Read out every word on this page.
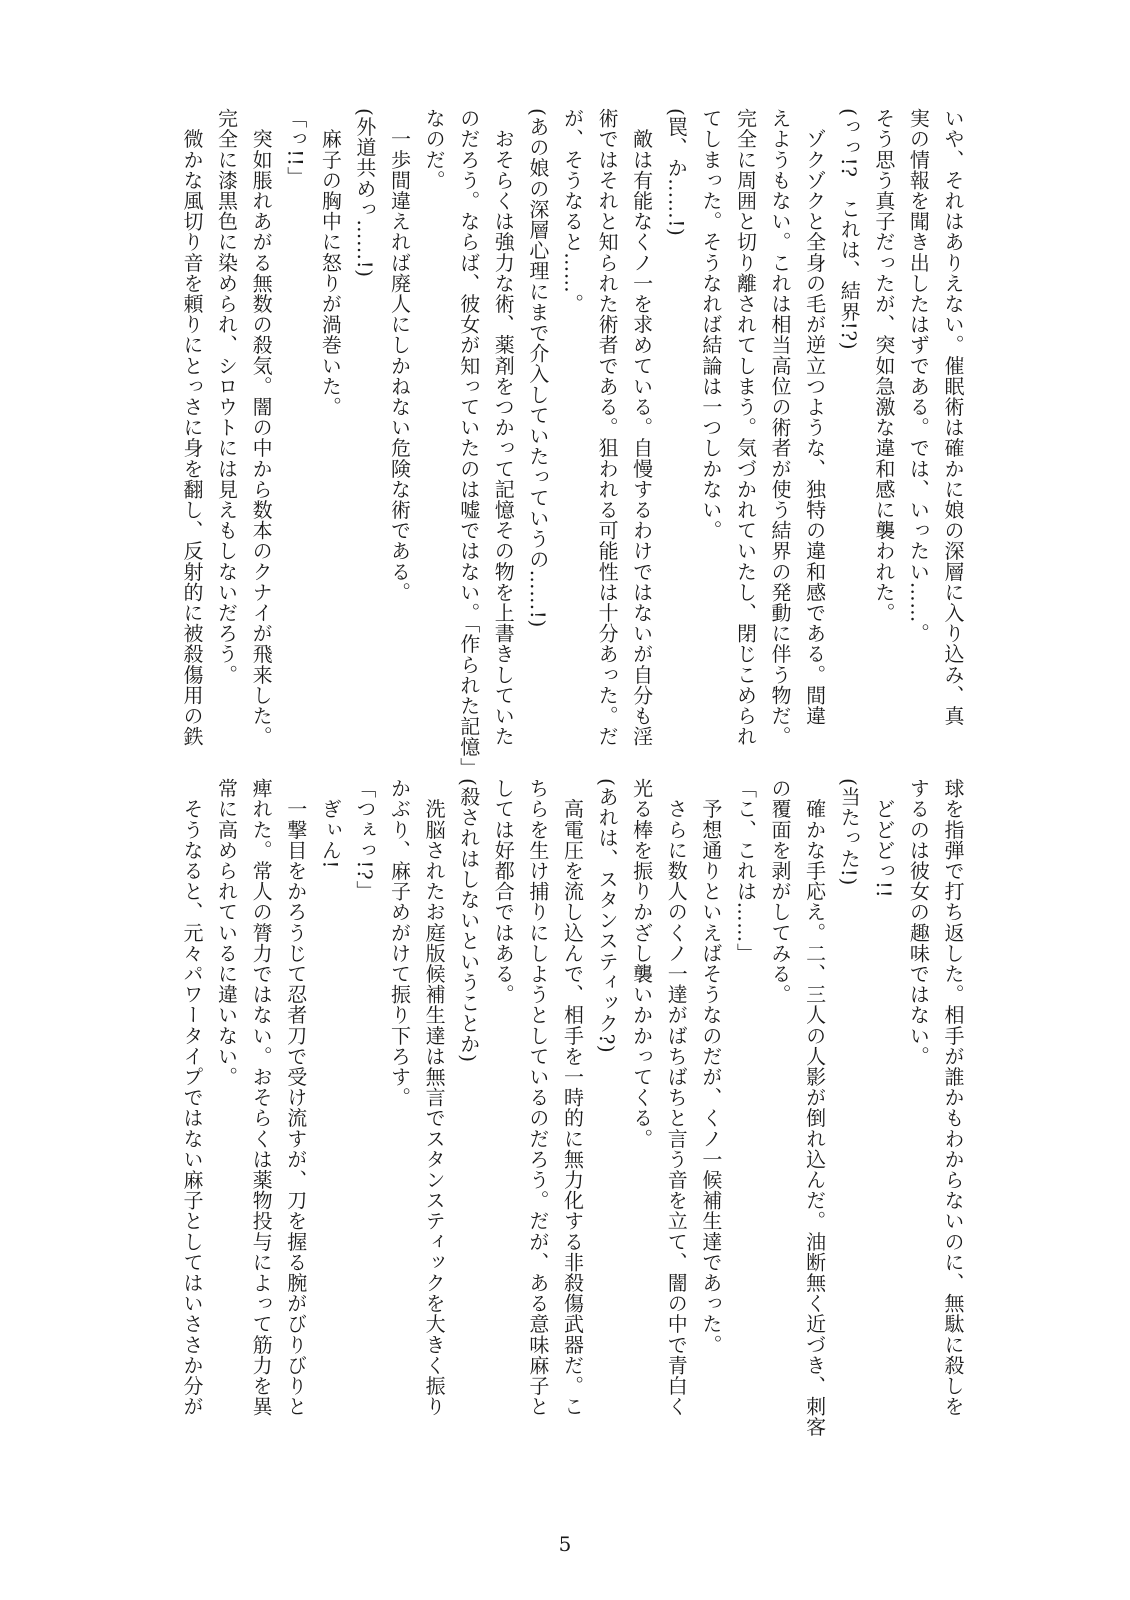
いや、それはありえない。催眠術は確かに娘の深層に入り込み、真
実の情報を聞き出したはずである。では、いったい……。
そう思う真子だったが、突如急激な違和感に襲われた。
(っっ!?　これは、結界!?)
　ゾクゾクと全身の毛が逆立つような、独特の違和感である。間違
えようもない。これは相当高位の術者が使う結界の発動に伴う物だ。
完全に周囲と切り離されてしまう。気づかれていたし、閉じこめられ
てしまった。そうなれば結論は一つしかない。
(罠、か……!)
　敵は有能なくノ一を求めている。自慢するわけではないが自分も淫
術ではそれと知られた術者である。狙われる可能性は十分あった。だ
が、そうなると……。
(あの娘の深層心理にまで介入していたっていうの……!)
　おそらくは強力な術、薬剤をつかって記憶その物を上書きしていた
のだろう。ならば、彼女が知っていたのは嘘ではない。「作られた記憶」
なのだ。
　一歩間違えれば廃人にしかねない危険な術である。
(外道共めっ……!)
　麻子の胸中に怒りが渦巻いた。
「っ!!」
　突如脹れあがる無数の殺気。闇の中から数本のクナイが飛来した。
完全に漆黒色に染められ、シロウトには見えもしないだろう。
　微かな風切り音を頼りにとっさに身を翻し、反射的に被殺傷用の鉄
球を指弾で打ち返した。相手が誰かもわからないのに、無駄に殺しを
するのは彼女の趣味ではない。
　どどどっ!!
(当たった!)
　確かな手応え。二、三人の人影が倒れ込んだ。油断無く近づき、刺客
の覆面を剥がしてみる。
「こ、これは……」
　予想通りといえばそうなのだが、くノ一候補生達であった。
　さらに数人のくノ一達がばちばちと言う音を立て、闇の中で青白く
光る棒を振りかざし襲いかかってくる。
(あれは、スタンスティック?)
　高電圧を流し込んで、相手を一時的に無力化する非殺傷武器だ。こ
ちらを生け捕りにしようとしているのだろう。だが、ある意味麻子と
しては好都合ではある。
(殺されはしないということか)
　洗脳されたお庭版候補生達は無言でスタンスティックを大きく振り
かぶり、麻子めがけて振り下ろす。
「つぇっ!?」
　ぎぃん!
　一撃目をかろうじて忍者刀で受け流すが、刀を握る腕がびりびりと
痺れた。常人の膂力ではない。おそらくは薬物投与によって筋力を異
常に高められているに違いない。
　そうなると、元々パワータイプではない麻子としてはいささか分が
5
